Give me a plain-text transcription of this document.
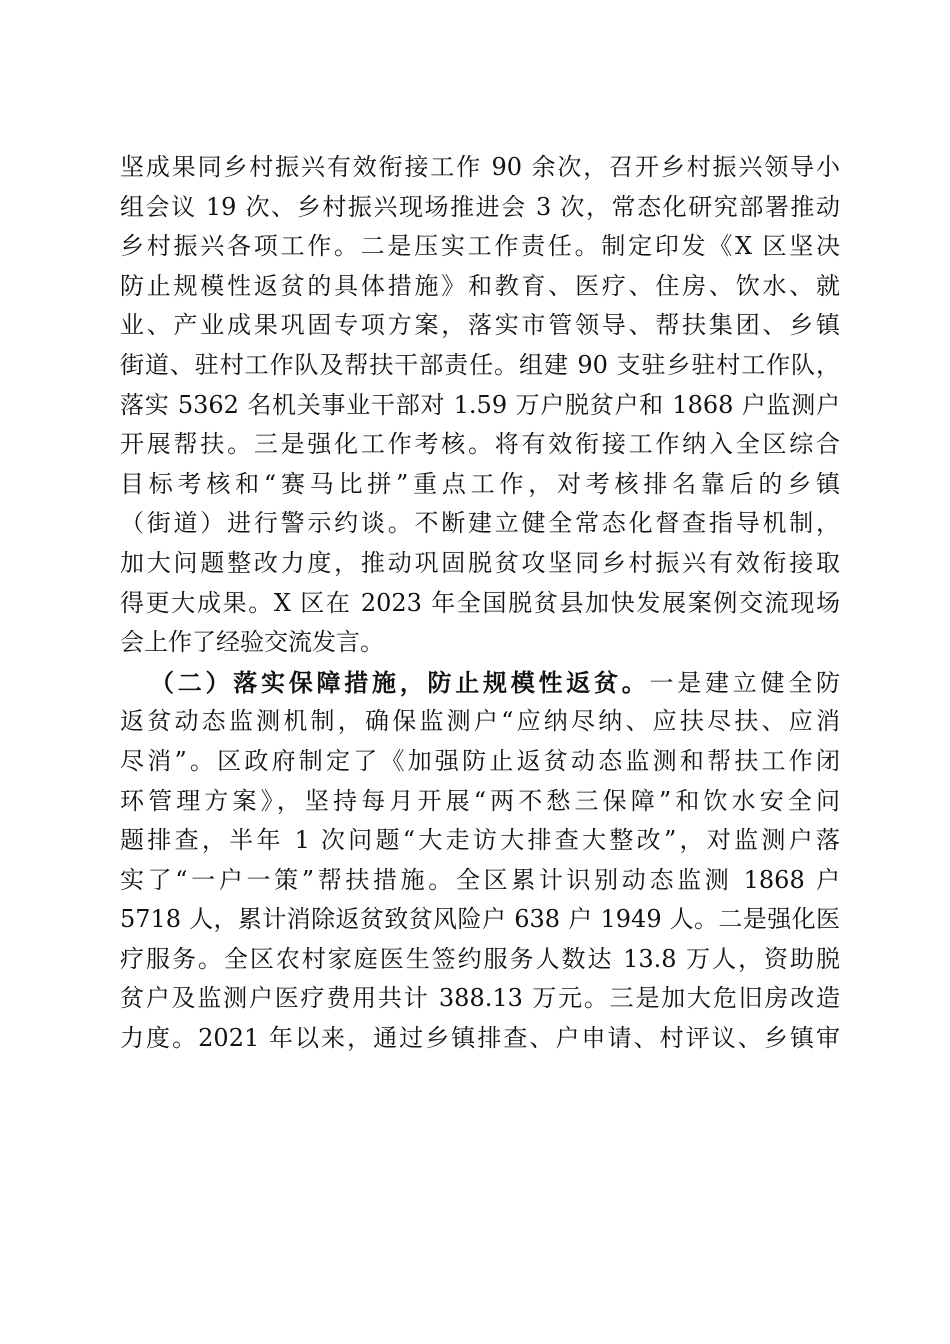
坚成果同乡村振兴有效衔接工作 90 余次，召开乡村振兴领导小
组会议 19 次、乡村振兴现场推进会 3 次，常态化研究部署推动
乡村振兴各项工作。二是压实工作责任。制定印发《X 区坚决
防止规模性返贫的具体措施》和教育、医疗、住房、饮水、就
业、产业成果巩固专项方案，落实市管领导、帮扶集团、乡镇
街道、驻村工作队及帮扶干部责任。组建 90 支驻乡驻村工作队，
落实 5362 名机关事业干部对 1.59 万户脱贫户和 1868 户监测户
开展帮扶。三是强化工作考核。将有效衔接工作纳入全区综合
目标考核和“赛马比拼”重点工作，对考核排名靠后的乡镇
（街道）进行警示约谈。不断建立健全常态化督查指导机制，
加大问题整改力度，推动巩固脱贫攻坚同乡村振兴有效衔接取
得更大成果。X 区在 2023 年全国脱贫县加快发展案例交流现场
会上作了经验交流发言。
（二）落实保障措施，防止规模性返贫。一是建立健全防
返贫动态监测机制，确保监测户“应纳尽纳、应扶尽扶、应消
尽消”。区政府制定了《加强防止返贫动态监测和帮扶工作闭
环管理方案》，坚持每月开展“两不愁三保障”和饮水安全问
题排查，半年 1 次问题“大走访大排查大整改”，对监测户落
实了“一户一策”帮扶措施。全区累计识别动态监测 1868 户
5718 人，累计消除返贫致贫风险户 638 户 1949 人。二是强化医
疗服务。全区农村家庭医生签约服务人数达 13.8 万人，资助脱
贫户及监测户医疗费用共计 388.13 万元。三是加大危旧房改造
力度。2021 年以来，通过乡镇排查、户申请、村评议、乡镇审
